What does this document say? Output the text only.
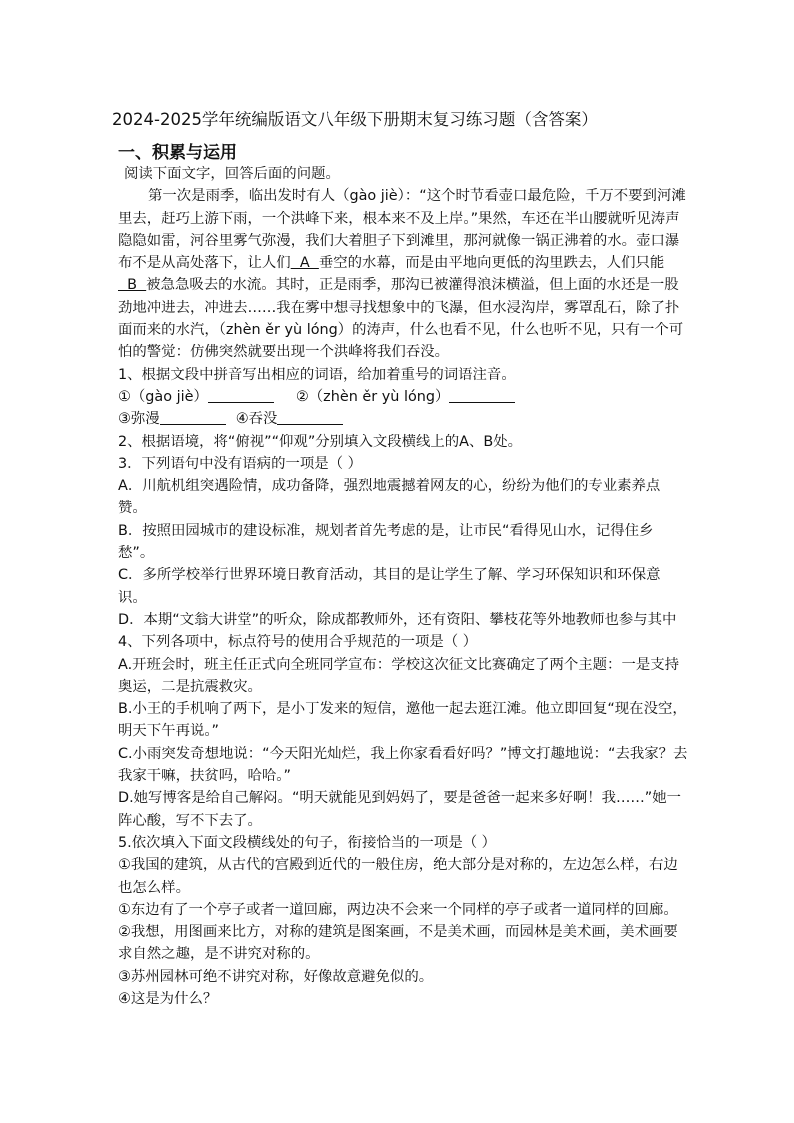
2024-2025学年统编版语文八年级下册期末复习练习题（含答案）
一、积累与运用

阅读下面文字，回答后面的问题。

第一次是雨季，临出发时有人（gào jiè）：“这个时节看壶口最危险，千万不要到河滩里去，赶巧上游下雨，一个洪峰下来，根本来不及上岸。”果然，车还在半山腰就听见涛声隐隐如雷，河谷里雾气弥漫，我们大着胆子下到滩里，那河就像一锅正沸着的水。壶口瀑布不是从高处落下，让人们  A  垂空的水幕，而是由平地向更低的沟里跌去，人们只能  B  被急急吸去的水流。其时，正是雨季，那沟已被灌得浪沫横溢，但上面的水还是一股劲地冲进去，冲进去……我在雾中想寻找想象中的飞瀑，但水浸沟岸，雾罩乱石，除了扑面而来的水汽，（zhèn ěr yù lóng）的涛声，什么也看不见，什么也听不见，只有一个可怕的警觉：仿佛突然就要出现一个洪峰将我们吞没。

1、根据文段中拼音写出相应的词语，给加着重号的词语注音。

①（gào jiè）	②（zhèn ěr yù lóng）

③弥漫	④吞没

2、根据语境，将“俯视”“仰观”分别填入文段横线上的A、B处。

3．下列语句中没有语病的一项是（ ）

A．川航机组突遇险情，成功备降，强烈地震撼着网友的心，纷纷为他们的专业素养点赞。

B．按照田园城市的建设标准，规划者首先考虑的是，让市民“看得见山水，记得住乡愁”。

C．多所学校举行世界环境日教育活动，其目的是让学生了解、学习环保知识和环保意识。

D．本期“文翁大讲堂”的听众，除成都教师外，还有资阳、攀枝花等外地教师也参与其中

4、下列各项中，标点符号的使用合乎规范的一项是（ ）

A.开班会时，班主任正式向全班同学宣布：学校这次征文比赛确定了两个主题：一是支持奥运，二是抗震救灾。

B.小王的手机响了两下，是小丁发来的短信，邀他一起去逛江滩。他立即回复“现在没空，明天下午再说。”

C.小雨突发奇想地说：“今天阳光灿烂，我上你家看看好吗？”博文打趣地说：“去我家？去我家干嘛，扶贫吗，哈哈。”

D.她写博客是给自己解闷。“明天就能见到妈妈了，要是爸爸一起来多好啊！我……”她一阵心酸，写不下去了。

5.依次填入下面文段横线处的句子，衔接恰当的一项是（ ）

①我国的建筑，从古代的宫殿到近代的一般住房，绝大部分是对称的，左边怎么样，右边也怎么样。

①东边有了一个亭子或者一道回廊，两边决不会来一个同样的亭子或者一道同样的回廊。

②我想，用图画来比方，对称的建筑是图案画，不是美术画，而园林是美术画，美术画要求自然之趣，是不讲究对称的。

③苏州园林可绝不讲究对称，好像故意避免似的。

④这是为什么？
